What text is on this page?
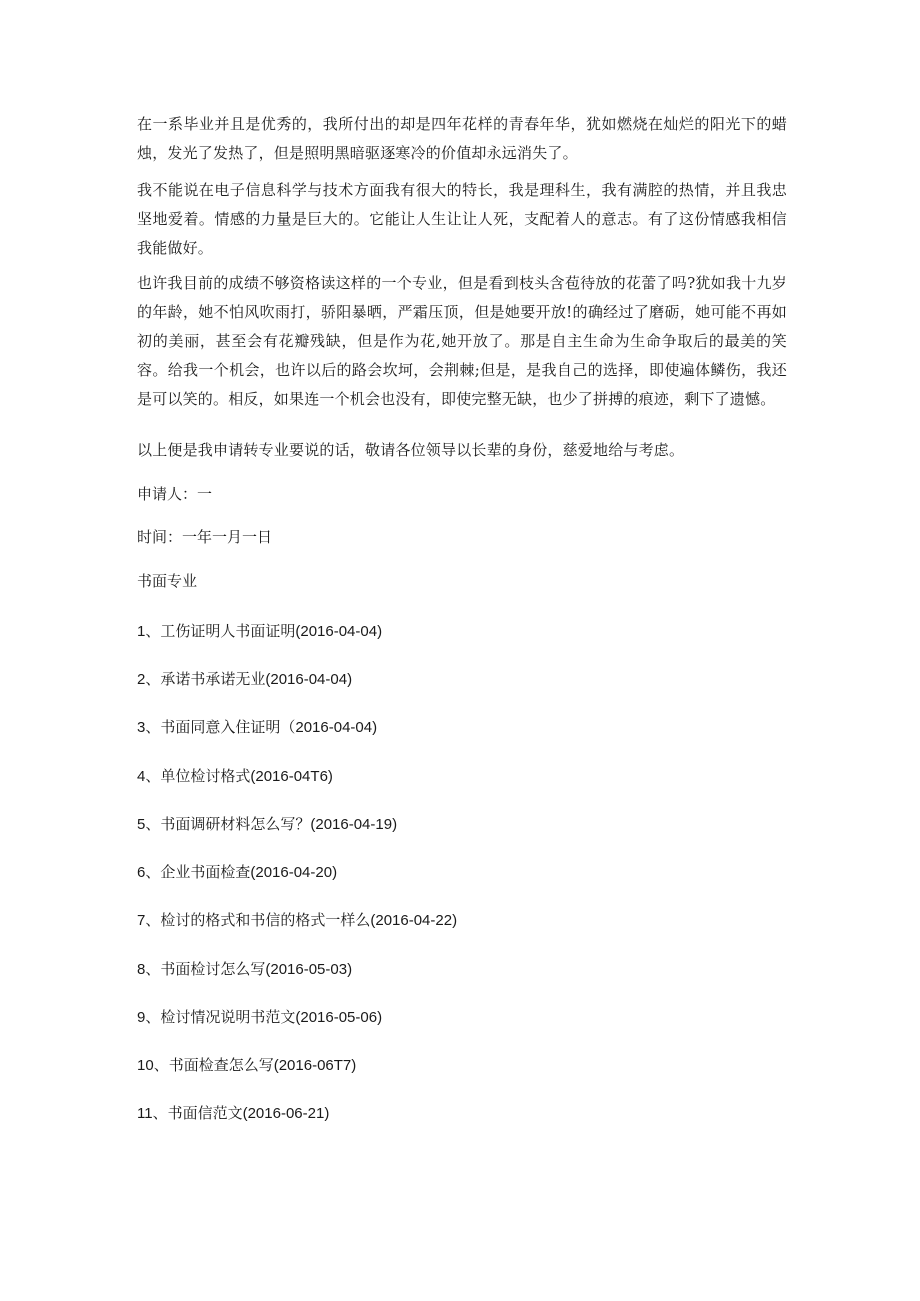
在一系毕业并且是优秀的，我所付出的却是四年花样的青春年华，犹如燃烧在灿烂的阳光下的蜡烛，发光了发热了，但是照明黑暗驱逐寒冷的价值却永远消失了。

我不能说在电子信息科学与技术方面我有很大的特长，我是理科生，我有满腔的热情，并且我忠坚地爱着。情感的力量是巨大的。它能让人生让让人死，支配着人的意志。有了这份情感我相信我能做好。

也许我目前的成绩不够资格读这样的一个专业，但是看到枝头含苞待放的花蕾了吗?犹如我十九岁的年龄，她不怕风吹雨打，骄阳暴晒，严霜压顶，但是她要开放!的确经过了磨砺，她可能不再如初的美丽，甚至会有花瓣残缺，但是作为花,她开放了。那是自主生命为生命争取后的最美的笑容。给我一个机会，也许以后的路会坎坷，会荆棘;但是，是我自己的选择，即使遍体鳞伤，我还是可以笑的。相反，如果连一个机会也没有，即使完整无缺，也少了拼搏的痕迹，剩下了遗憾。

以上便是我申请转专业要说的话，敬请各位领导以长辈的身份，慈爱地给与考虑。

申请人：一

时间：一年一月一日

书面专业

1、工伤证明人书面证明(2016-04-04)

2、承诺书承诺无业(2016-04-04)

3、书面同意入住证明（2016-04-04)

4、单位检讨格式(2016-04T6)

5、书面调研材料怎么写？(2016-04-19)

6、企业书面检查(2016-04-20)

7、检讨的格式和书信的格式一样么(2016-04-22)

8、书面检讨怎么写(2016-05-03)

9、检讨情况说明书范文(2016-05-06)

10、书面检查怎么写(2016-06T7)

11、书面信范文(2016-06-21)
